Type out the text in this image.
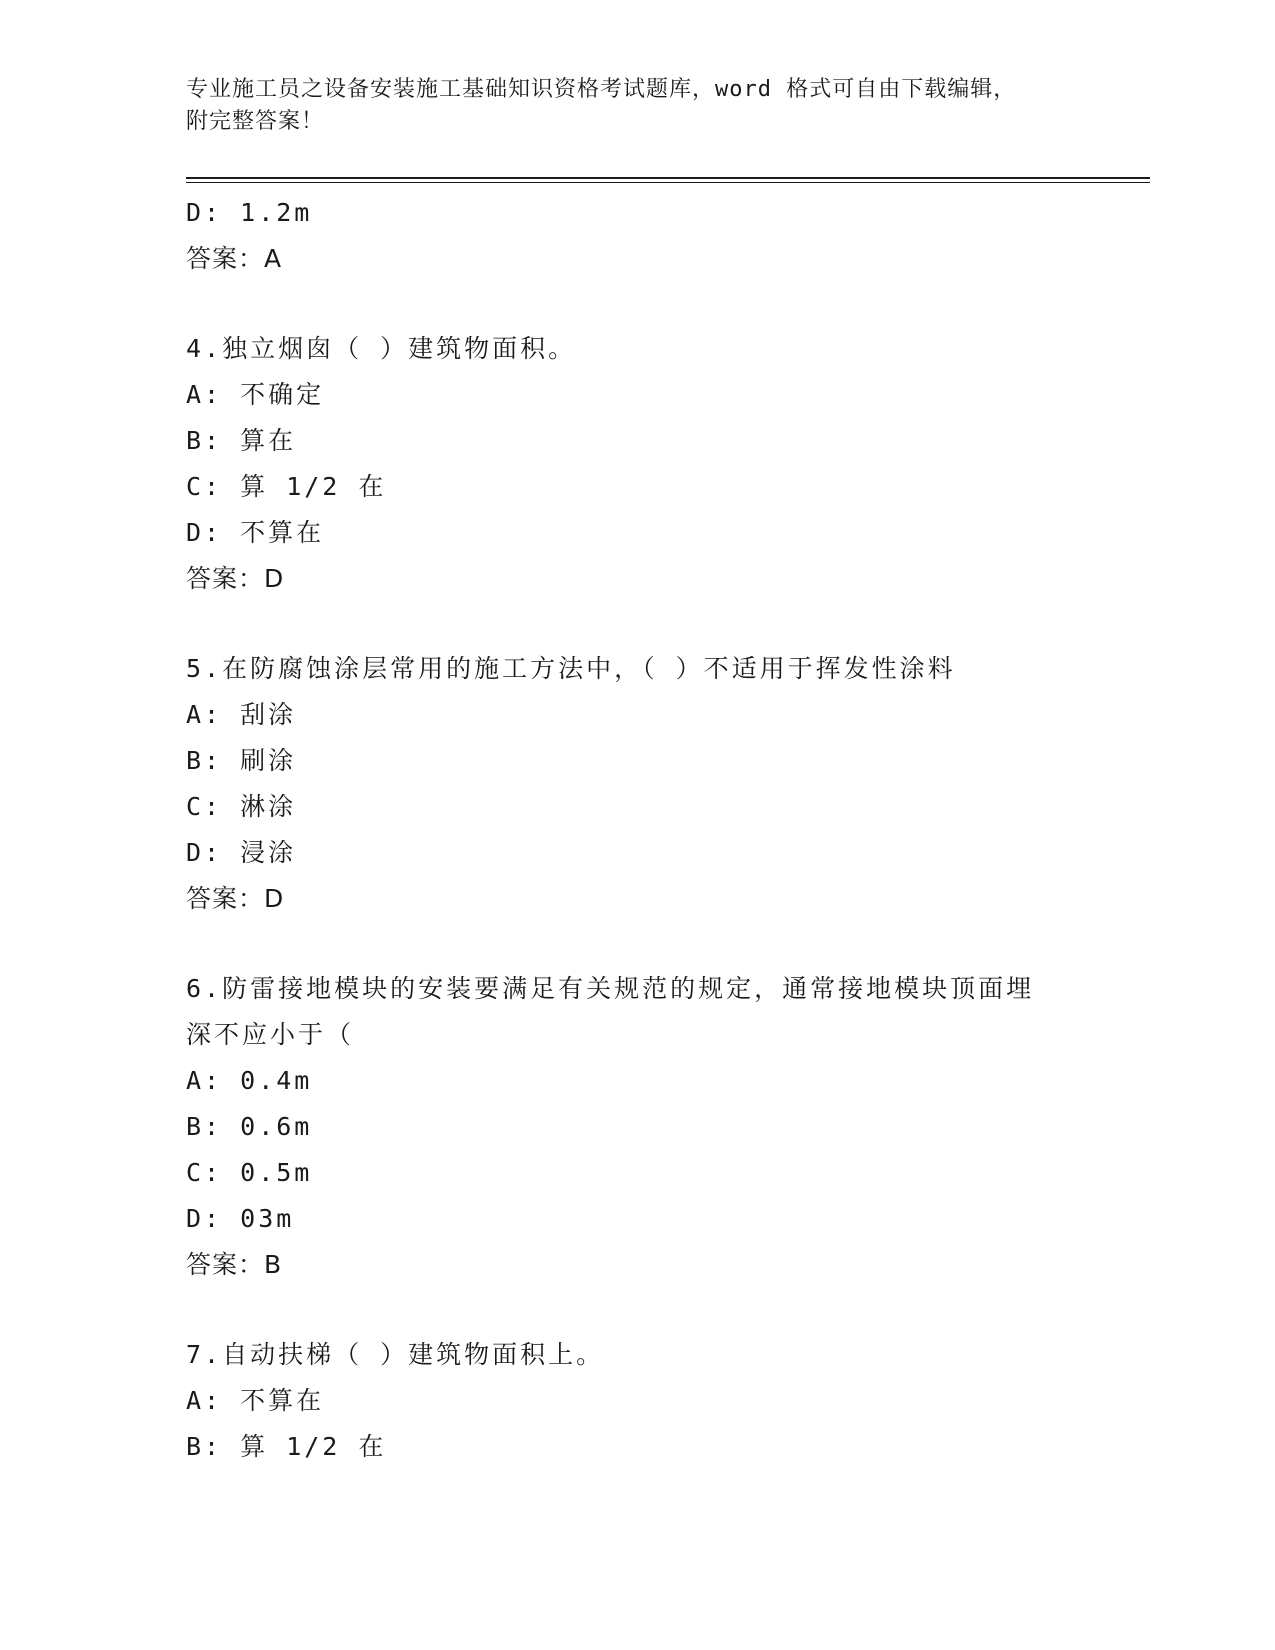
专业施工员之设备安装施工基础知识资格考试题库，word 格式可自由下载编辑，
附完整答案！
D: 1.2m
答案：A
4.独立烟囱（ ）建筑物面积。
A: 不确定
B: 算在
C: 算 1/2 在
D: 不算在
答案：D
5.在防腐蚀涂层常用的施工方法中，（ ）不适用于挥发性涂料
A: 刮涂
B: 刷涂
C: 淋涂
D: 浸涂
答案：D
6.防雷接地模块的安装要满足有关规范的规定，通常接地模块顶面埋
深不应小于（
A: 0.4m
B: 0.6m
C: 0.5m
D: 03m
答案：B
7.自动扶梯（ ）建筑物面积上。
A: 不算在
B: 算 1/2 在
